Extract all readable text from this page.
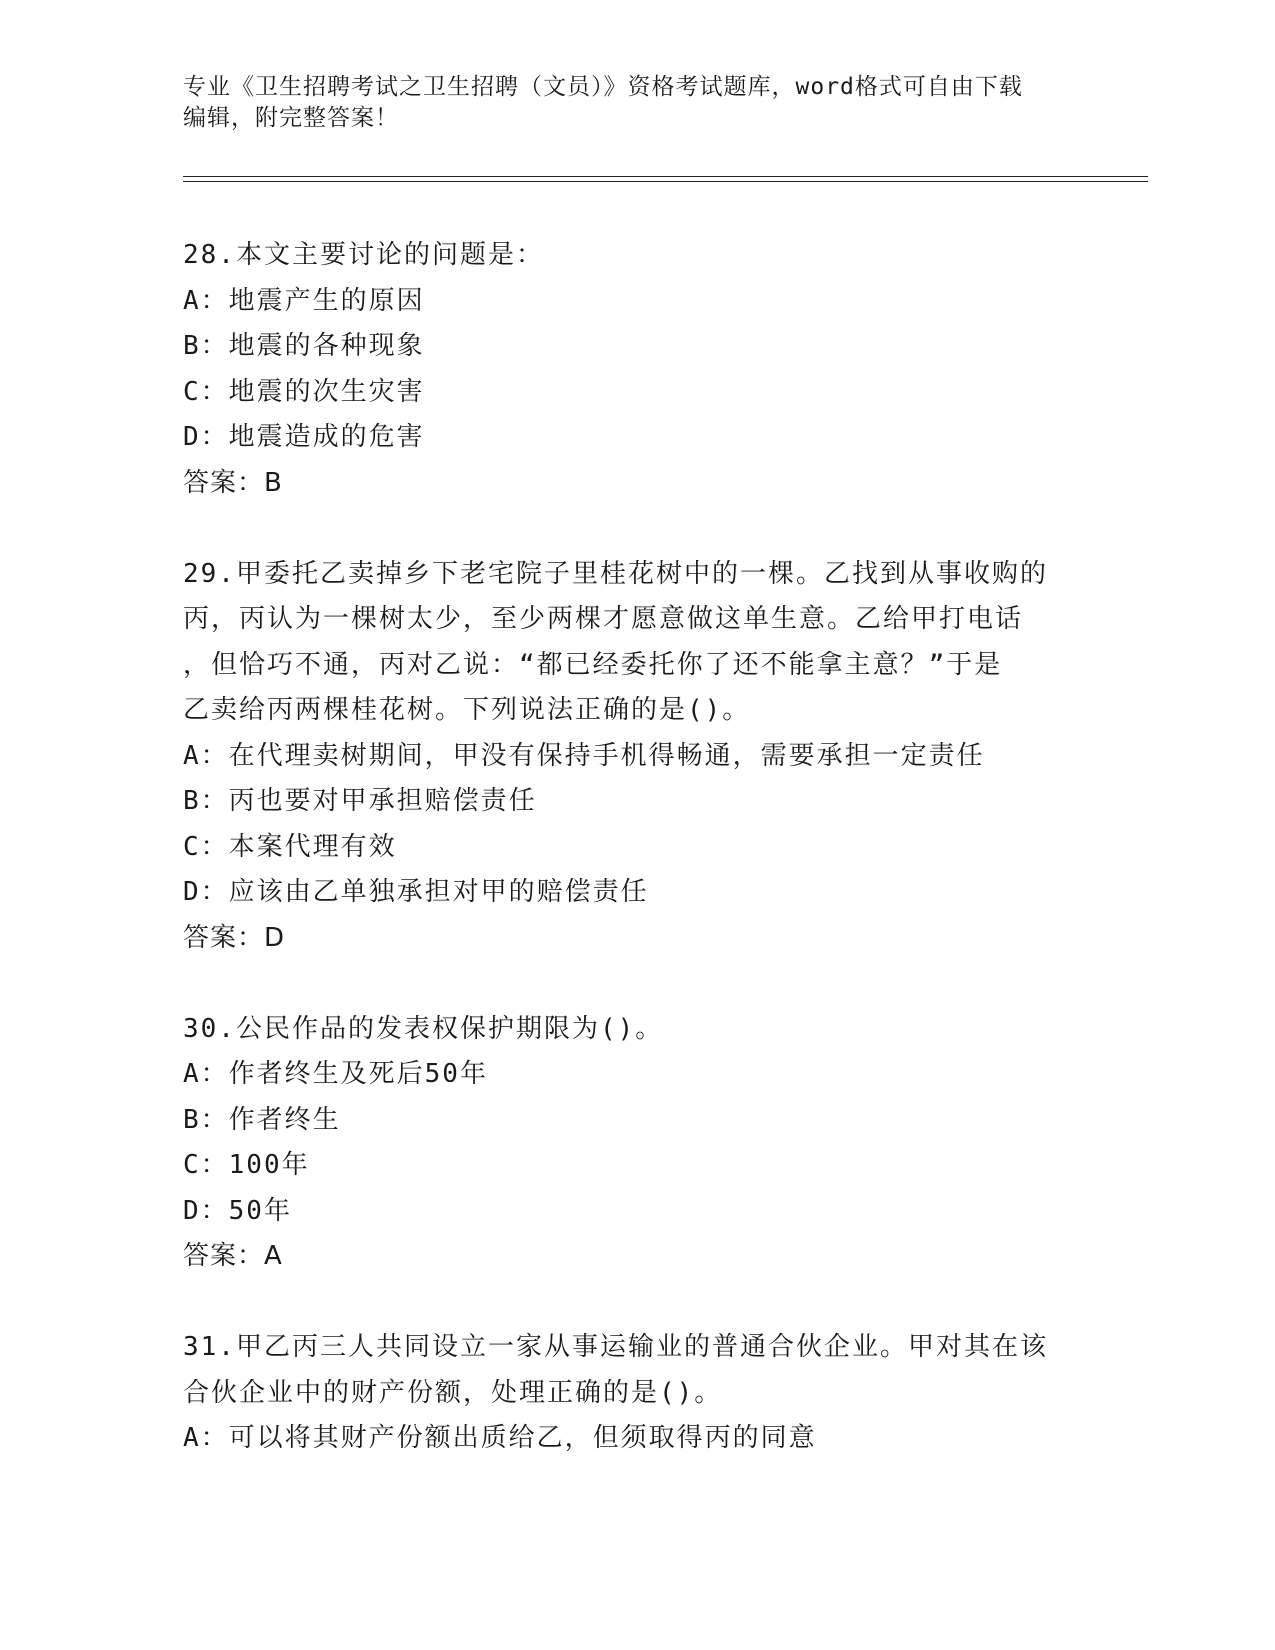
专业《卫生招聘考试之卫生招聘（文员）》资格考试题库，word格式可自由下载
编辑，附完整答案！
28.本文主要讨论的问题是：
A：地震产生的原因
B：地震的各种现象
C：地震的次生灾害
D：地震造成的危害
答案：B
29.甲委托乙卖掉乡下老宅院子里桂花树中的一棵。乙找到从事收购的
丙，丙认为一棵树太少，至少两棵才愿意做这单生意。乙给甲打电话
，但恰巧不通，丙对乙说：“都已经委托你了还不能拿主意？”于是
乙卖给丙两棵桂花树。下列说法正确的是()。
A：在代理卖树期间，甲没有保持手机得畅通，需要承担一定责任
B：丙也要对甲承担赔偿责任
C：本案代理有效
D：应该由乙单独承担对甲的赔偿责任
答案：D
30.公民作品的发表权保护期限为()。
A：作者终生及死后50年
B：作者终生
C：100年
D：50年
答案：A
31.甲乙丙三人共同设立一家从事运输业的普通合伙企业。甲对其在该
合伙企业中的财产份额，处理正确的是()。
A：可以将其财产份额出质给乙，但须取得丙的同意
